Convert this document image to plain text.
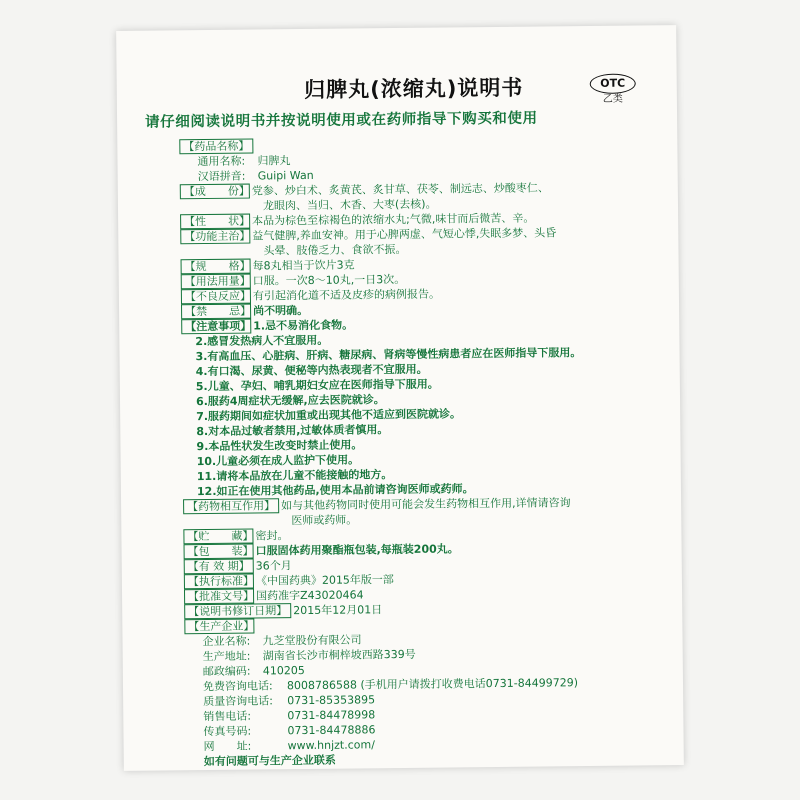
归脾丸(浓缩丸)说明书	OTC
乙类
请仔细阅读说明书并按说明使用或在药师指导下购买和使用
【药品名称】
通用名称: 归脾丸
汉语拼音: Guipi Wan
【成　　份】 党参、炒白术、炙黄芪、炙甘草、茯苓、制远志、炒酸枣仁、
龙眼肉、当归、木香、大枣(去核)。
【性　　状】 本品为棕色至棕褐色的浓缩水丸;气微,味甘而后微苦、辛。
【功能主治】 益气健脾,养血安神。用于心脾两虚、气短心悸,失眠多梦、头昏
头晕、肢倦乏力、食欲不振。
【规　　格】 每8丸相当于饮片3克
【用法用量】 口服。一次8～10丸,一日3次。
【不良反应】 有引起消化道不适及皮疹的病例报告。
【禁　　忌】 尚不明确。
【注意事项】 1.忌不易消化食物。
2.感冒发热病人不宜服用。
3.有高血压、心脏病、肝病、糖尿病、肾病等慢性病患者应在医师指导下服用。
4.有口渴、尿黄、便秘等内热表现者不宜服用。
5.儿童、孕妇、哺乳期妇女应在医师指导下服用。
6.服药4周症状无缓解,应去医院就诊。
7.服药期间如症状加重或出现其他不适应到医院就诊。
8.对本品过敏者禁用,过敏体质者慎用。
9.本品性状发生改变时禁止使用。
10.儿童必须在成人监护下使用。
11.请将本品放在儿童不能接触的地方。
12.如正在使用其他药品,使用本品前请咨询医师或药师。
【药物相互作用】 如与其他药物同时使用可能会发生药物相互作用,详情请咨询
医师或药师。
【贮　　藏】 密封。
【包　　装】 口服固体药用聚酯瓶包装,每瓶装200丸。
【有 效 期】 36个月
【执行标准】 《中国药典》2015年版一部
【批准文号】 国药准字Z43020464
【说明书修订日期】 2015年12月01日
【生产企业】
企业名称: 九芝堂股份有限公司
生产地址: 湖南省长沙市桐梓坡西路339号
邮政编码: 410205
免费咨询电话: 8008786588 (手机用户请拨打收费电话0731-84499729)
质量咨询电话: 0731-85353895
销售电话:	0731-84478998
传真号码:	0731-84478886
网　　址:	www.hnjzt.com/
如有问题可与生产企业联系
